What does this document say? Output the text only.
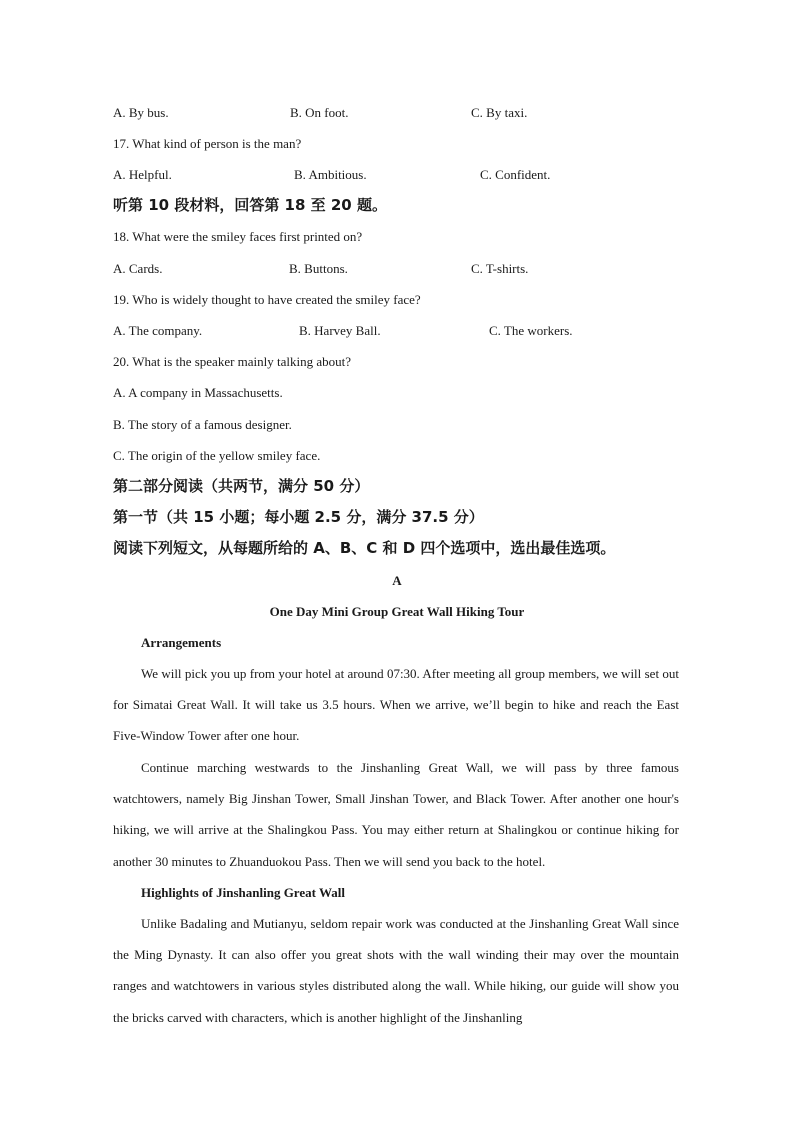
A. By bus.	B. On foot.	C. By taxi.
17. What kind of person is the man?
A. Helpful.	B. Ambitious.	C. Confident.
听第 10 段材料，回答第 18 至 20 题。
18. What were the smiley faces first printed on?
A. Cards.	B. Buttons.	C. T-shirts.
19. Who is widely thought to have created the smiley face?
A. The company.	B. Harvey Ball.	C. The workers.
20. What is the speaker mainly talking about?
A. A company in Massachusetts.
B. The story of a famous designer.
C. The origin of the yellow smiley face.
第二部分阅读（共两节，满分 50 分）
第一节（共 15 小题；每小题 2.5 分，满分 37.5 分）
阅读下列短文，从每题所给的 A、B、C 和 D 四个选项中，选出最佳选项。
A
One Day Mini Group Great Wall Hiking Tour
Arrangements

We will pick you up from your hotel at around 07:30. After meeting all group members, we will set out for Simatai Great Wall. It will take us 3.5 hours. When we arrive, we’ll begin to hike and reach the East Five-Window Tower after one hour.

Continue marching westwards to the Jinshanling Great Wall, we will pass by three famous watchtowers, namely Big Jinshan Tower, Small Jinshan Tower, and Black Tower. After another one hour's hiking, we will arrive at the Shalingkou Pass. You may either return at Shalingkou or continue hiking for another 30 minutes to Zhuanduokou Pass. Then we will send you back to the hotel.

Highlights of Jinshanling Great Wall

Unlike Badaling and Mutianyu, seldom repair work was conducted at the Jinshanling Great Wall since the Ming Dynasty. It can also offer you great shots with the wall winding their may over the mountain ranges and watchtowers in various styles distributed along the wall. While hiking, our guide will show you the bricks carved with characters, which is another highlight of the Jinshanling
